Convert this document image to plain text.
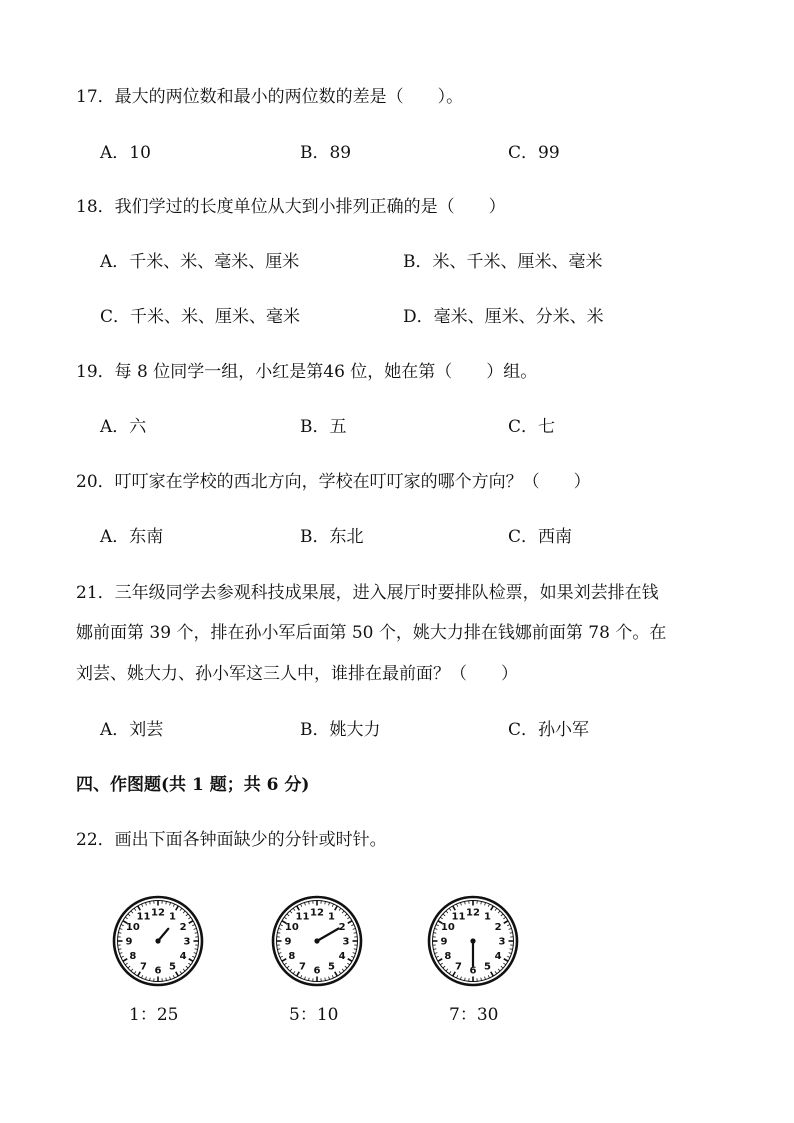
17．最大的两位数和最小的两位数的差是（　　）。
A．10	B．89	C．99
18．我们学过的长度单位从大到小排列正确的是（　　）
A．千米、米、毫米、厘米	B．米、千米、厘米、毫米
C．千米、米、厘米、毫米	D．毫米、厘米、分米、米
19．每 8 位同学一组，小红是第46 位，她在第（　　）组。
A．六	B．五	C．七
20．叮叮家在学校的西北方向，学校在叮叮家的哪个方向？（　　）
A．东南	B．东北	C．西南
21．三年级同学去参观科技成果展，进入展厅时要排队检票，如果刘芸排在钱
娜前面第 39 个，排在孙小军后面第 50 个，姚大力排在钱娜前面第 78 个。在
刘芸、姚大力、孙小军这三人中，谁排在最前面？（　　）
A．刘芸	B．姚大力	C．孙小军
四、作图题(共 1 题；共 6 分)
22．画出下面各钟面缺少的分针或时针。
12 1
2
3
4
5
6
7
8
9
10
11	12 1
2
3
4
5
6
7
8
9
10
11	12 1
2
3
4
5
6
7
8
9
10
11
1：25	5：10	7：30
